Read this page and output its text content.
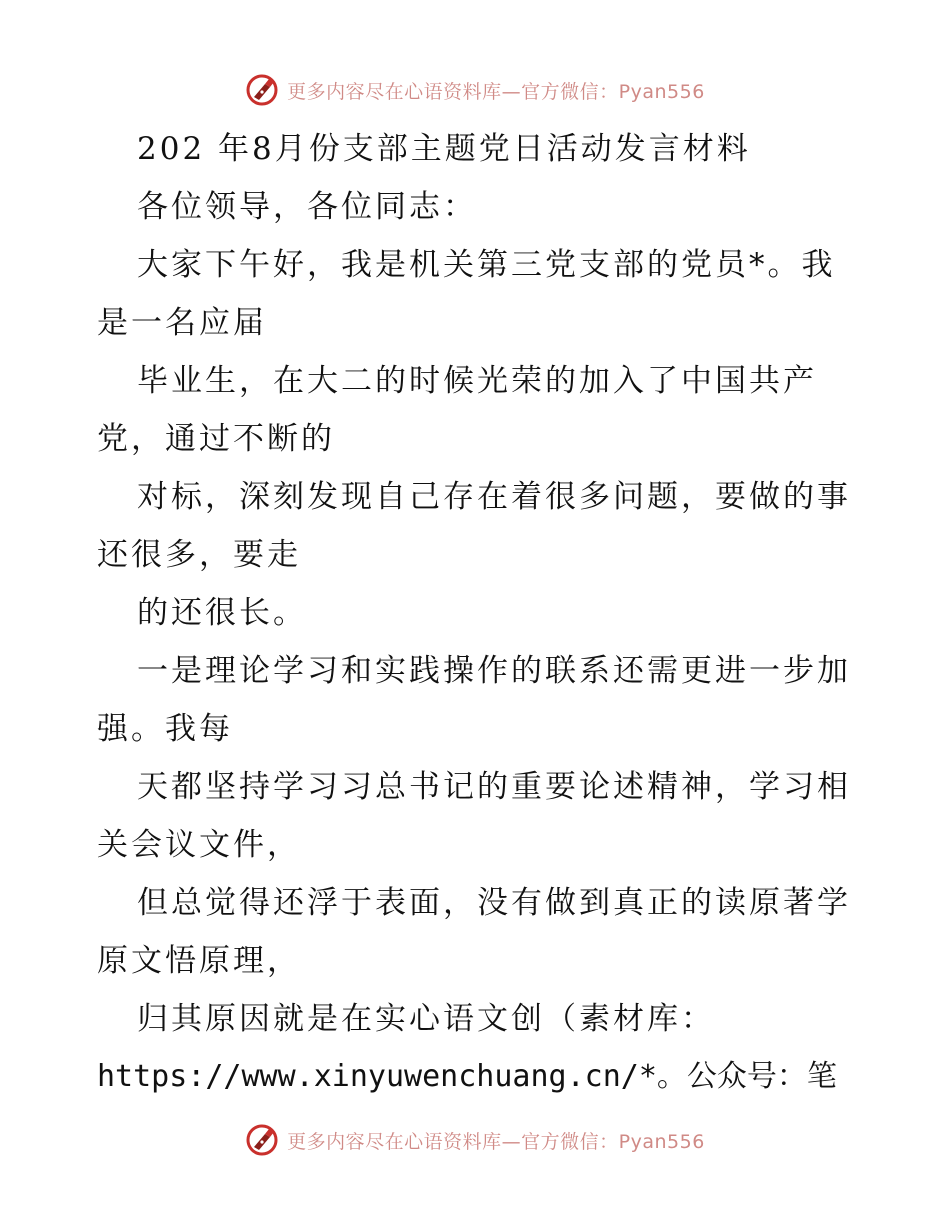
更多内容尽在心语资料库—官方微信：Pyan556
202 年8月份支部主题党日活动发言材料
各位领导，各位同志：
大家下午好，我是机关第三党支部的党员*。我
是一名应届
毕业生，在大二的时候光荣的加入了中国共产
党，通过不断的
对标，深刻发现自己存在着很多问题，要做的事
还很多，要走
的还很长。
一是理论学习和实践操作的联系还需更进一步加
强。我每
天都坚持学习习总书记的重要论述精神，学习相
关会议文件，
但总觉得还浮于表面，没有做到真正的读原著学
原文悟原理，
归其原因就是在实心语文创（素材库：
https://www.xinyuwenchuang.cn/*。公众号：笔
更多内容尽在心语资料库—官方微信：Pyan556
